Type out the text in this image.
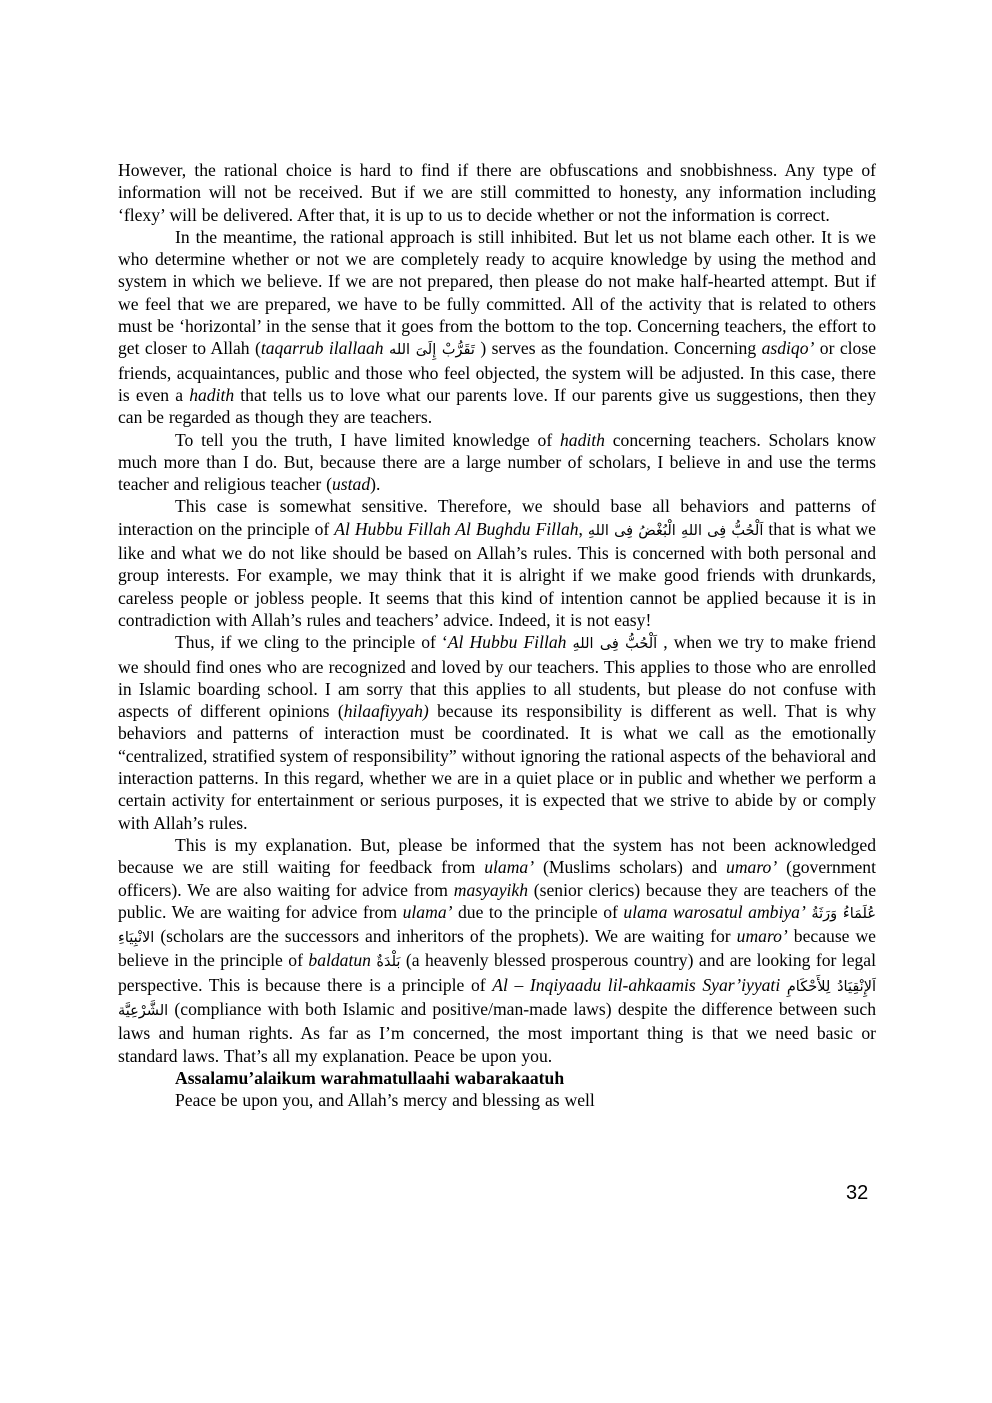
However, the rational choice is hard to find if there are obfuscations and snobbishness. Any type of information will not be received. But if we are still committed to honesty, any information including ‘flexy’ will be delivered. After that, it is up to us to decide whether or not the information is correct.

In the meantime, the rational approach is still inhibited. But let us not blame each other. It is we who determine whether or not we are completely ready to acquire knowledge by using the method and system in which we believe. If we are not prepared, then please do not make half-hearted attempt. But if we feel that we are prepared, we have to be fully committed. All of the activity that is related to others must be ‘horizontal’ in the sense that it goes from the bottom to the top. Concerning teachers, the effort to get closer to Allah (taqarrub ilallaah تَقَرُّبْ إِلَىَ الله ) serves as the foundation. Concerning asdiqo’ or close friends, acquaintances, public and those who feel objected, the system will be adjusted. In this case, there is even a hadith that tells us to love what our parents love. If our parents give us suggestions, then they can be regarded as though they are teachers.

To tell you the truth, I have limited knowledge of hadith concerning teachers. Scholars know much more than I do. But, because there are a large number of scholars, I believe in and use the terms teacher and religious teacher (ustad).

This case is somewhat sensitive. Therefore, we should base all behaviors and patterns of interaction on the principle of Al Hubbu Fillah Al Bughdu Fillah, اَلْحُبُّ فِى اللهِ الْبُغْضُ فِى اللهِ that is what we like and what we do not like should be based on Allah’s rules. This is concerned with both personal and group interests. For example, we may think that it is alright if we make good friends with drunkards, careless people or jobless people. It seems that this kind of intention cannot be applied because it is in contradiction with Allah’s rules and teachers’ advice. Indeed, it is not easy!

Thus, if we cling to the principle of ‘Al Hubbu Fillah اَلْحُبُّ فِى اللهِ , when we try to make friend we should find ones who are recognized and loved by our teachers. This applies to those who are enrolled in Islamic boarding school. I am sorry that this applies to all students, but please do not confuse with aspects of different opinions (hilaafiyyah) because its responsibility is different as well. That is why behaviors and patterns of interaction must be coordinated. It is what we call as the emotionally “centralized, stratified system of responsibility” without ignoring the rational aspects of the behavioral and interaction patterns. In this regard, whether we are in a quiet place or in public and whether we perform a certain activity for entertainment or serious purposes, it is expected that we strive to abide by or comply with Allah’s rules.

This is my explanation. But, please be informed that the system has not been acknowledged because we are still waiting for feedback from ulama’ (Muslims scholars) and umaro’ (government officers). We are also waiting for advice from masyayikh (senior clerics) because they are teachers of the public. We are waiting for advice from ulama’ due to the principle of ulama warosatul ambiya’ عُلَمَاءُ وَرَثَةُ الانْبِيَاءِ (scholars are the successors and inheritors of the prophets). We are waiting for umaro’ because we believe in the principle of baldatun بَلْدَةٌ (a heavenly blessed prosperous country) and are looking for legal perspective. This is because there is a principle of Al – Inqiyaadu lil-ahkaamis Syar’iyyati اَلإِنْقِيَادُ لِلأَحْكَامِ الشَّرْعِيَّة (compliance with both Islamic and positive/man-made laws) despite the difference between such laws and human rights. As far as I’m concerned, the most important thing is that we need basic or standard laws. That’s all my explanation. Peace be upon you.

Assalamu’alaikum warahmatullaahi wabarakaatuh

Peace be upon you, and Allah’s mercy and blessing as well

32
